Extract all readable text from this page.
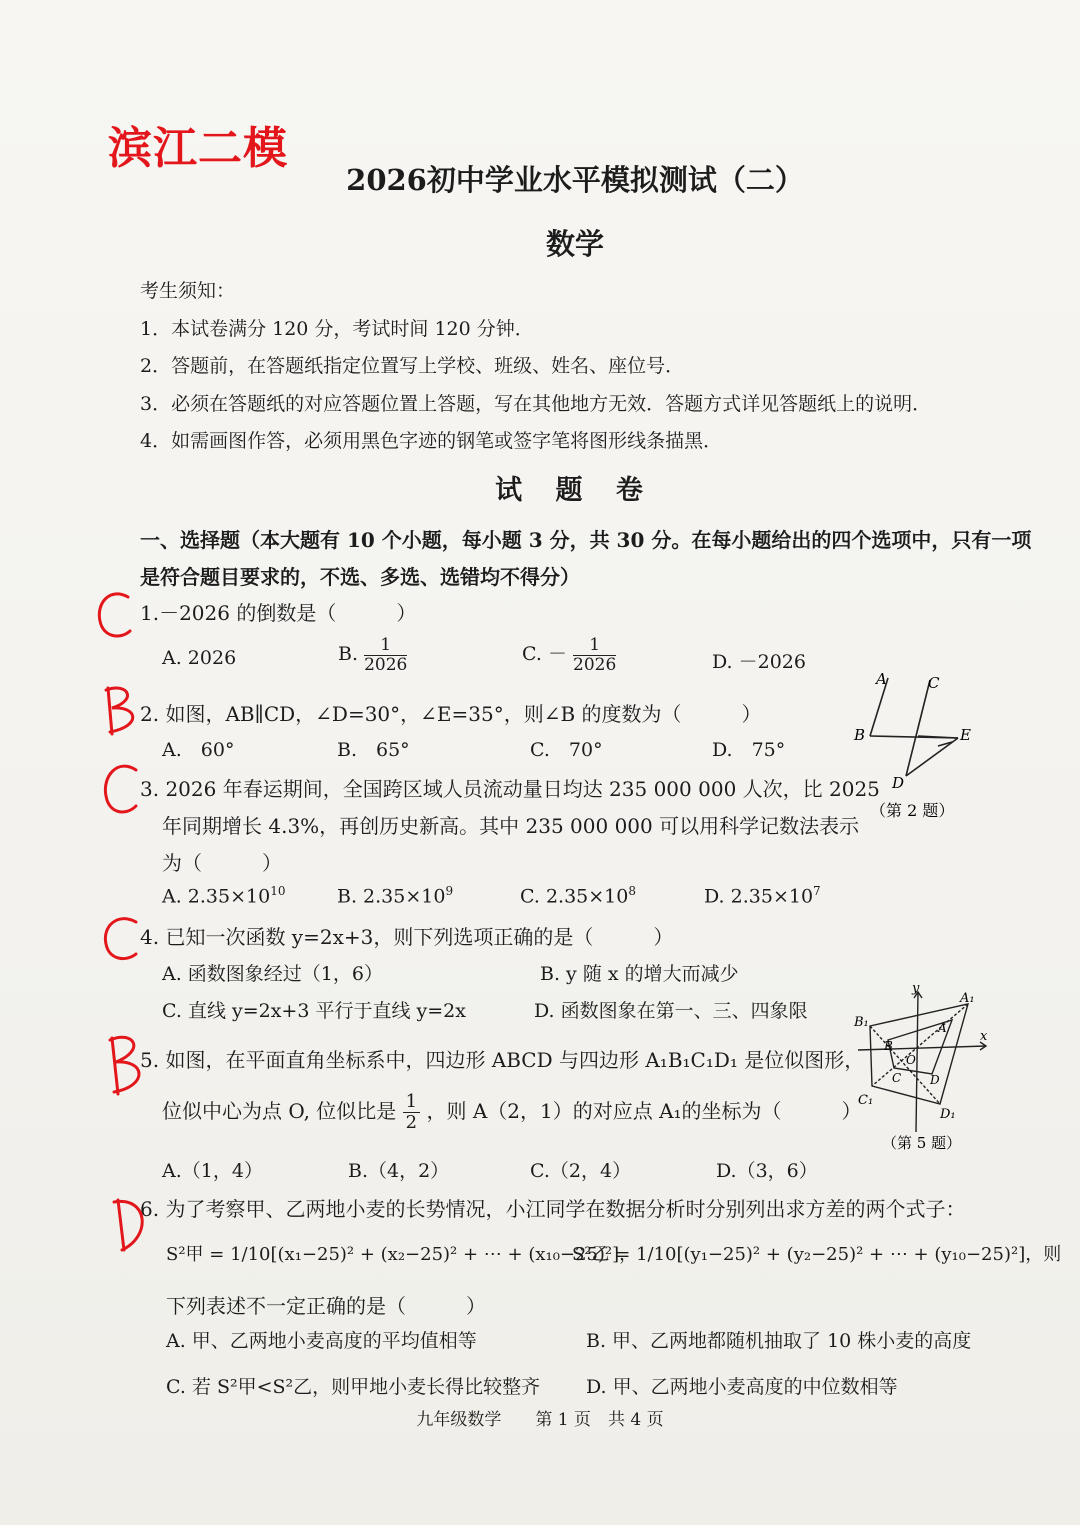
滨江二模
2026初中学业水平模拟测试（二）
数学
考生须知：
1．本试卷满分 120 分，考试时间 120 分钟．
2．答题前，在答题纸指定位置写上学校、班级、姓名、座位号．
3．必须在答题纸的对应答题位置上答题，写在其他地方无效．答题方式详见答题纸上的说明．
4．如需画图作答，必须用黑色字迹的钢笔或签字笔将图形线条描黑．
试 题 卷
一、选择题（本大题有 10 个小题，每小题 3 分，共 30 分。在每小题给出的四个选项中，只有一项
是符合题目要求的，不选、多选、选错均不得分）
1.－2026 的倒数是（　　　）
A. 2026	B. $\frac{1}{2026}$	C. － $\frac{1}{2026}$	D. －2026
2. 如图，AB∥CD，∠D=30°，∠E=35°，则∠B 的度数为（　　　）
A.　60°	B.　65°	C.　70°	D.　75°
A	C
B	E
D
（第 2 题）
3. 2026 年春运期间，全国跨区域人员流动量日均达 235 000 000 人次，比 2025
年同期增长 4.3%，再创历史新高。其中 235 000 000 可以用科学记数法表示
为（　　　）
A. $2.35\times 10^{10}$	B. $2.35\times 10^9$	C. $2.35\times 10^8$	D. $2.35\times 10^7$
4. 已知一次函数 y=2x+3，则下列选项正确的是（　　　）
A. 函数图象经过（1，6）	B. y 随 x 的增大而减少
C. 直线 y=2x+3 平行于直线 y=2x	D. 函数图象在第一、三、四象限
5. 如图，在平面直角坐标系中，四边形 ABCD 与四边形 A₁B₁C₁D₁ 是位似图形，
位似中心为点 O, 位似比是 $\frac{1}{2}$ ，则 A（2，1）的对应点 A₁的坐标为（　　　）
A.（1，4）	B.（4，2）	C.（2，4）	D.（3，6）
y
x
A₁
B₁
C₁
D₁
A
B
C D
O
（第 5 题）
6. 为了考察甲、乙两地小麦的长势情况，小江同学在数据分析时分别列出求方差的两个式子：
S²甲 = 1/10[(x₁−25)² + (x₂−25)² + ⋯ + (x₁₀−25)²]，
S²乙 = 1/10[(y₁−25)² + (y₂−25)² + ⋯ + (y₁₀−25)²]，则
下列表述不一定正确的是（　　　）
A. 甲、乙两地小麦高度的平均值相等	B. 甲、乙两地都随机抽取了 10 株小麦的高度
C. 若 S²甲<S²乙，则甲地小麦长得比较整齐 D. 甲、乙两地小麦高度的中位数相等
九年级数学　　第 1 页　共 4 页
